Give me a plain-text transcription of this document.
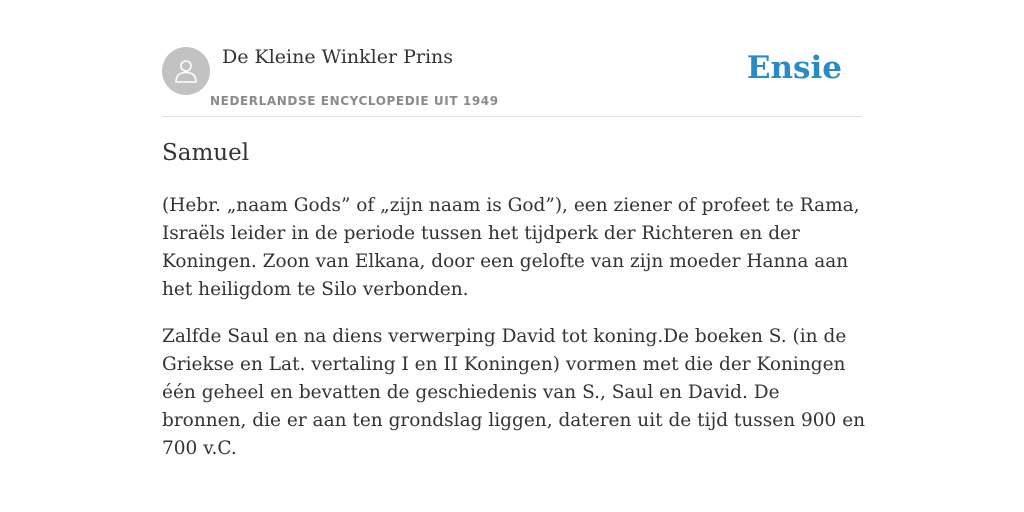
De Kleine Winkler Prins
NEDERLANDSE ENCYCLOPEDIE UIT 1949
Ensie
Samuel

(Hebr. „naam Gods” of „zijn naam is God”), een ziener of profeet te Rama, Israëls leider in de periode tussen het tijdperk der Richteren en der Koningen. Zoon van Elkana, door een gelofte van zijn moeder Hanna aan het heiligdom te Silo verbonden.

Zalfde Saul en na diens verwerping David tot koning.De boeken S. (in de Griekse en Lat. vertaling I en II Koningen) vormen met die der Koningen één geheel en bevatten de geschiedenis van S., Saul en David. De bronnen, die er aan ten grondslag liggen, dateren uit de tijd tussen 900 en 700 v.C.
